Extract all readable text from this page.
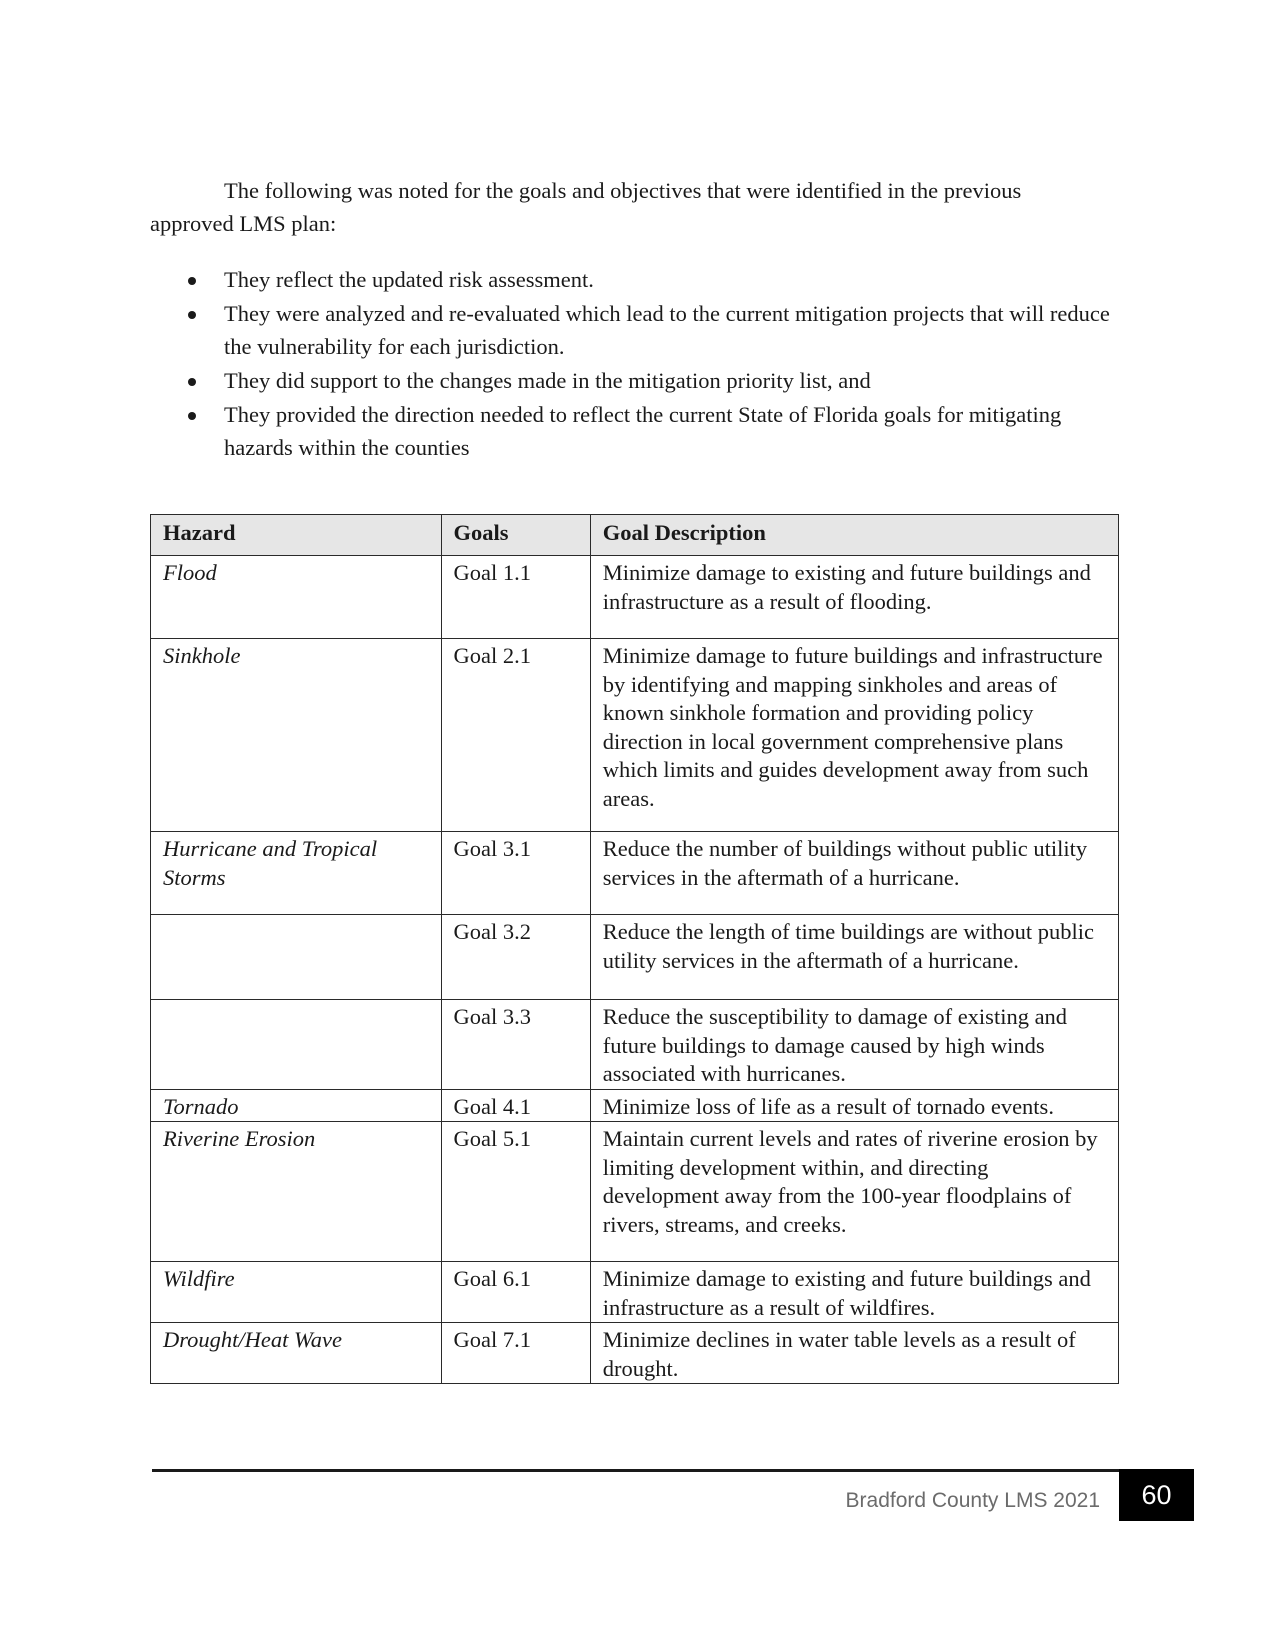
The following was noted for the goals and objectives that were identified in the previous approved LMS plan:

They reflect the updated risk assessment.
They were analyzed and re-evaluated which lead to the current mitigation projects that will reduce the vulnerability for each jurisdiction.
They did support to the changes made in the mitigation priority list, and
They provided the direction needed to reflect the current State of Florida goals for mitigating hazards within the counties
Hazard	Goals	Goal Description
Flood	Goal 1.1	Minimize damage to existing and future buildings and infrastructure as a result of flooding.
Sinkhole	Goal 2.1	Minimize damage to future buildings and infrastructure by identifying and mapping sinkholes and areas of known sinkhole formation and providing policy direction in local government comprehensive plans which limits and guides development away from such areas.
Hurricane and Tropical Storms	Goal 3.1	Reduce the number of buildings without public utility services in the aftermath of a hurricane.
	Goal 3.2	Reduce the length of time buildings are without public utility services in the aftermath of a hurricane.
	Goal 3.3	Reduce the susceptibility to damage of existing and future buildings to damage caused by high winds associated with hurricanes.
Tornado	Goal 4.1	Minimize loss of life as a result of tornado events.
Riverine Erosion	Goal 5.1	Maintain current levels and rates of riverine erosion by limiting development within, and directing development away from the 100-year floodplains of rivers, streams, and creeks.
Wildfire	Goal 6.1	Minimize damage to existing and future buildings and infrastructure as a result of wildfires.
Drought/Heat Wave	Goal 7.1	Minimize declines in water table levels as a result of drought.
Bradford County LMS 2021	60
